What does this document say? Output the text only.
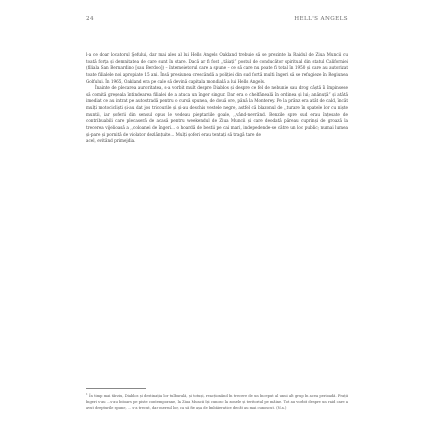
24	HELL'S ANGELS

l-a ce doar locatorul Şefului, dar mai ales al lui Hells Angels Oakland trebuie să se prezinte la Raidul de Ziua Muncii cu toată forța și demnitatea de care sunt în stare. Dacă ar fi fost ,,tăiați” postul de conducător spiritual din statul Californiei (filiala San Bernardino [sau Berdoo]) – întemeietorul care a spune – ce să care nu poate fi total în 1950 și care au autorizat toate filialele noi apropiate 15 ani. Însă presiunea crescândă a poliției din sud fortă multi îngeri să se refugieze în Regiunea Golfului. În 1965, Oakland era pe cale să devină capitala mondială a lui Hells Angels.

Înainte de plecarea auroritatea, s-a vorbit mult despre Diablos și despre ce fel de nebunie sau drog câștă îi împinsese să comită greșeala întindearea filialei de a atuca un înger singur. Dar era o chelfăneală în ordinea și lui; anănuță” și atâtă imediat ce au intrat pe autostradă pentru o cursă spunea, de două ore, până la Monterey. Pe la prânz era atât de cald, încât mulți motocicliști și-au dat jos tricourile și și-au deschis vestele negre, astfel că blazonul de ,,turare în spatele lor cu niște muntii, iar șoferii din sensul opus le vedeau pieptariile goale, ,,vând-nevrând. Benzile spre sud erau înțesate de contribuabili care plecaseră de acasă pentru weekendul de Ziua Muncii și care deodată păreau cuprinși de groază la trecerea vijelioasă a ,,coloanei de îngeri... o hoardă de bestii pe cai mari, indepedende-se către un loc public; numai lumea și-pare și pornită de violator dezlănțuite... Mulți șoferi erau tentați să tragă tare de

acel, evitând primejdia.

$^1$ În timp mai târziu, Diablos și destinația lor tulburală, și totuși, reacționând în trecere de un început al unui alt grup în acea perioadă. Frații îngeri s-au ...s-au întoars pe piste contemporane, la Ziua Muncii își cunosc la zonele și teritoriul pe mâine. Tot au vorbit despre un raid care a avut drepturile spune, ... s-a trecut, dar mersul lor, ca să fie așa de îmbăieratice decât au mai cunoscut. (N.a.)
